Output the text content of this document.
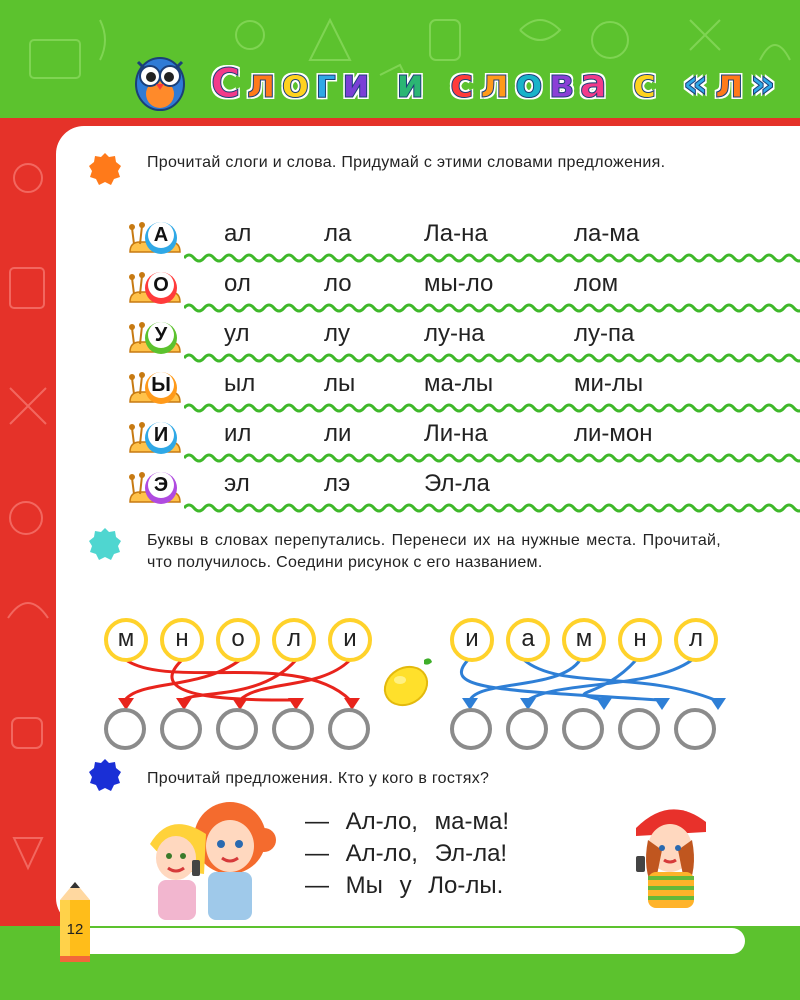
С л о г и и с л о в а с « л »
Прочитай слоги и слова. Придумай с этими словами предложения.
А ал	ла	Ла-на	ла-ма
О ол	ло	мы-ло	лом
У ул	лу	лу-на	лу-па
Ы ыл	лы	ма-лы	ми-лы
И ил	ли	Ли-на	ли-мон
Э эл	лэ	Эл-ла
Буквы в словах перепутались. Перенеси их на нужные места. Прочитай, что получилось. Соедини рисунок с его названием.
м	н	о	л	и	и	а	м	н	л
Прочитай предложения. Кто у кого в гостях?
— Ал-ло, ма-ма!
— Ал-ло, Эл-ла!
— Мы у Ло-лы.
12
